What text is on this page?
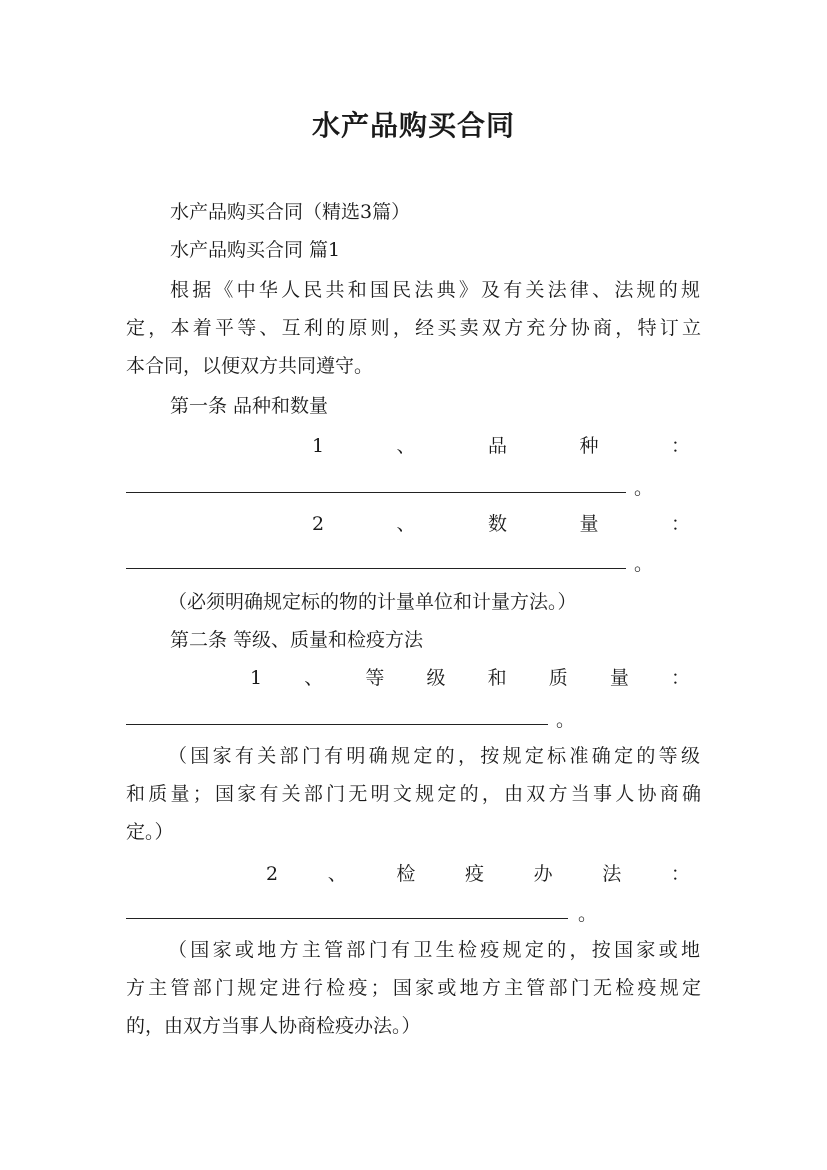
水产品购买合同
水产品购买合同（精选3篇）
水产品购买合同 篇1
根据《中华人民共和国民法典》及有关法律、法规的规
定，本着平等、互利的原则，经买卖双方充分协商，特订立
本合同，以便双方共同遵守。
第一条 品种和数量
1	、	品	种	：
。
2	、	数	量	：
。
（必须明确规定标的物的计量单位和计量方法。）
第二条 等级、质量和检疫方法
1 、 等 级 和 质 量 ：
。
（国家有关部门有明确规定的，按规定标准确定的等级
和质量；国家有关部门无明文规定的，由双方当事人协商确
定。）
2	、	检	疫	办	法	：
。
（国家或地方主管部门有卫生检疫规定的，按国家或地
方主管部门规定进行检疫；国家或地方主管部门无检疫规定
的，由双方当事人协商检疫办法。）
